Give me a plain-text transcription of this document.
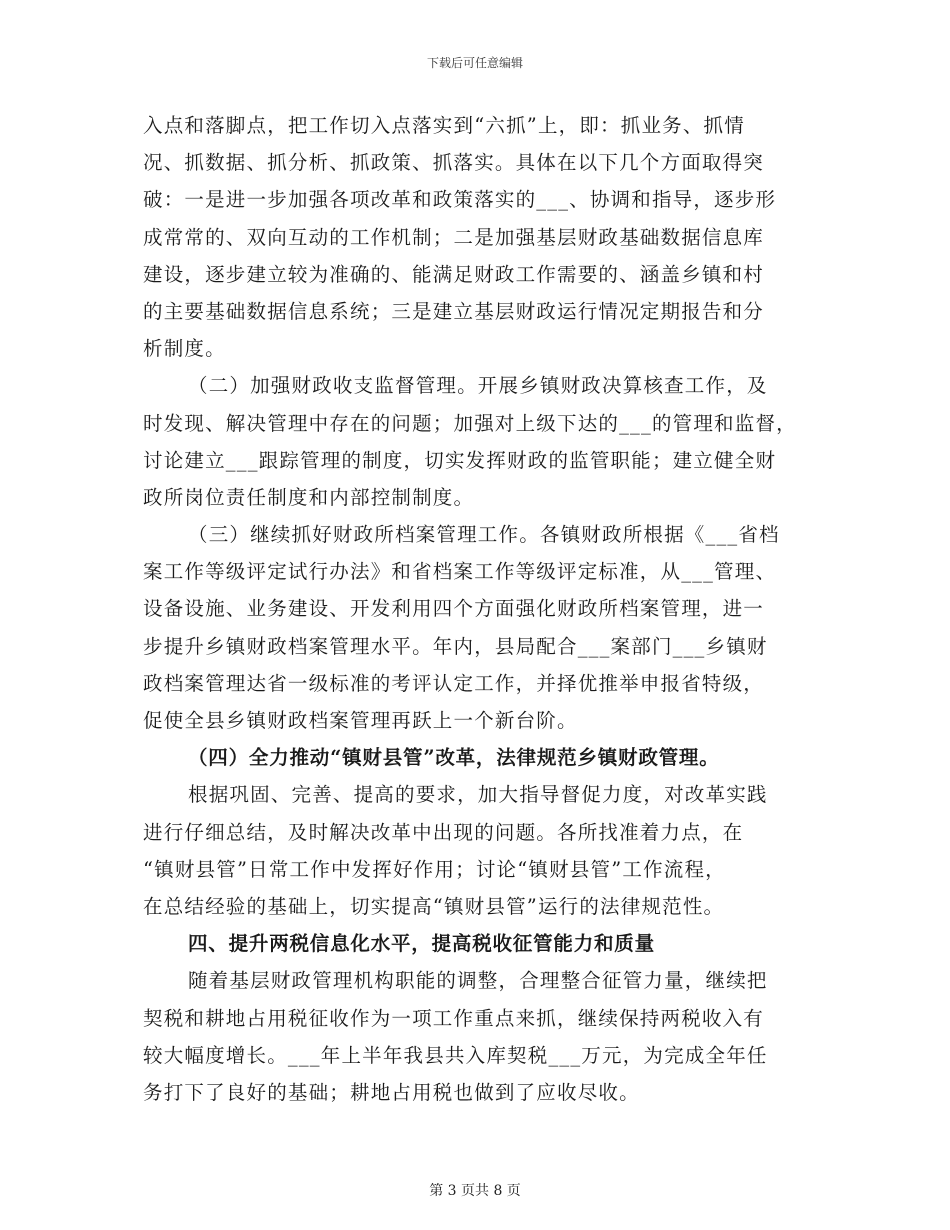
下载后可任意编辑
入点和落脚点，把工作切入点落实到“六抓”上，即：抓业务、抓情
况、抓数据、抓分析、抓政策、抓落实。具体在以下几个方面取得突
破：一是进一步加强各项改革和政策落实的___、协调和指导，逐步形
成常常的、双向互动的工作机制；二是加强基层财政基础数据信息库
建设，逐步建立较为准确的、能满足财政工作需要的、涵盖乡镇和村
的主要基础数据信息系统；三是建立基层财政运行情况定期报告和分
析制度。
（二）加强财政收支监督管理。开展乡镇财政决算核查工作，及
时发现、解决管理中存在的问题；加强对上级下达的___的管理和监督，
讨论建立___跟踪管理的制度，切实发挥财政的监管职能；建立健全财
政所岗位责任制度和内部控制制度。
（三）继续抓好财政所档案管理工作。各镇财政所根据《___省档
案工作等级评定试行办法》和省档案工作等级评定标准，从___管理、
设备设施、业务建设、开发利用四个方面强化财政所档案管理，进一
步提升乡镇财政档案管理水平。年内，县局配合___案部门___乡镇财
政档案管理达省一级标准的考评认定工作，并择优推举申报省特级，
促使全县乡镇财政档案管理再跃上一个新台阶。
（四）全力推动“镇财县管”改革，法律规范乡镇财政管理。
根据巩固、完善、提高的要求，加大指导督促力度，对改革实践
进行仔细总结，及时解决改革中出现的问题。各所找准着力点，在
“镇财县管”日常工作中发挥好作用；讨论“镇财县管”工作流程，
在总结经验的基础上，切实提高“镇财县管”运行的法律规范性。
四、提升两税信息化水平，提高税收征管能力和质量
随着基层财政管理机构职能的调整，合理整合征管力量，继续把
契税和耕地占用税征收作为一项工作重点来抓，继续保持两税收入有
较大幅度增长。___年上半年我县共入库契税___万元，为完成全年任
务打下了良好的基础；耕地占用税也做到了应收尽收。
第 3 页共 8 页
